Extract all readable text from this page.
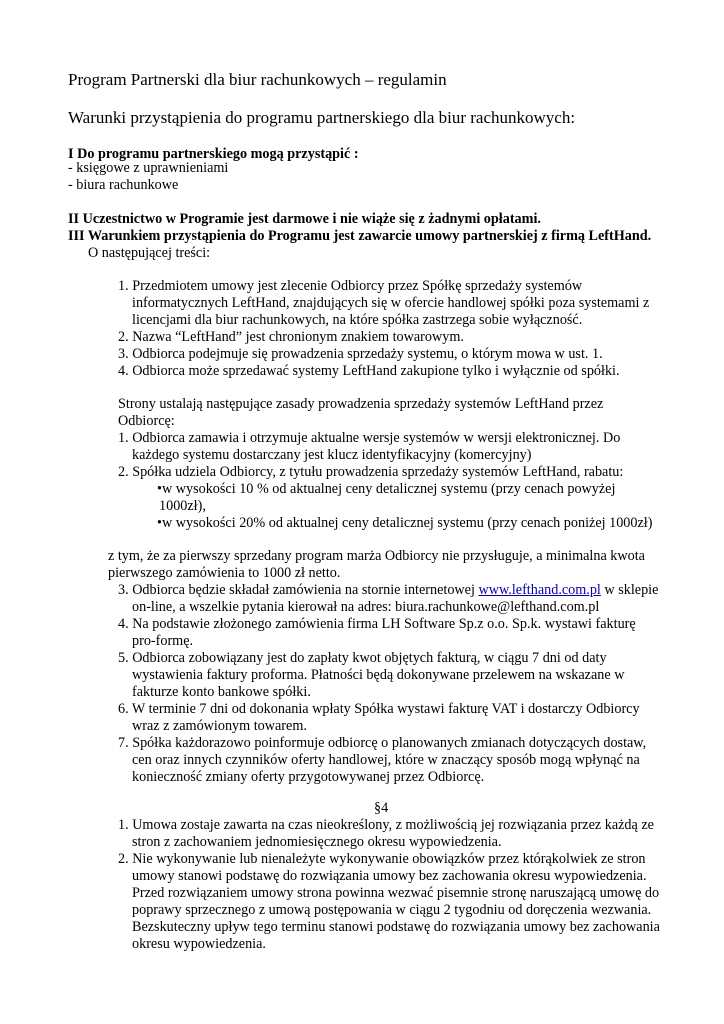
Program Partnerski dla biur rachunkowych – regulamin
Warunki przystąpienia do programu partnerskiego dla biur rachunkowych:
I Do programu partnerskiego mogą przystąpić :
- księgowe z uprawnieniami
- biura rachunkowe
II Uczestnictwo w Programie jest darmowe i nie wiąże się z żadnymi opłatami.
III Warunkiem przystąpienia do Programu jest zawarcie umowy partnerskiej z firmą LeftHand.
O następującej treści:
1. Przedmiotem umowy jest zlecenie Odbiorcy przez Spółkę sprzedaży systemów
informatycznych LeftHand, znajdujących się w ofercie handlowej spółki poza systemami z
licencjami dla biur rachunkowych, na które spółka zastrzega sobie wyłączność.
2. Nazwa “LeftHand” jest chronionym znakiem towarowym.
3. Odbiorca podejmuje się prowadzenia sprzedaży systemu, o którym mowa w ust. 1.
4. Odbiorca może sprzedawać systemy LeftHand zakupione tylko i wyłącznie od spółki.
Strony ustalają następujące zasady prowadzenia sprzedaży systemów LeftHand przez
Odbiorcę:
1. Odbiorca zamawia i otrzymuje aktualne wersje systemów w wersji elektronicznej. Do
każdego systemu dostarczany jest klucz identyfikacyjny (komercyjny)
2. Spółka udziela Odbiorcy, z tytułu prowadzenia sprzedaży systemów LeftHand, rabatu:
•w wysokości 10 % od aktualnej ceny detalicznej systemu (przy cenach powyżej
1000zł),
•w wysokości 20% od aktualnej ceny detalicznej systemu (przy cenach poniżej 1000zł)
z tym, że za pierwszy sprzedany program marża Odbiorcy nie przysługuje, a minimalna kwota
pierwszego zamówienia to 1000 zł netto.
3. Odbiorca będzie składał zamówienia na stornie internetowej www.lefthand.com.pl w sklepie
on-line, a wszelkie pytania kierował na adres: biura.rachunkowe@lefthand.com.pl
4. Na podstawie złożonego zamówienia firma LH Software Sp.z o.o. Sp.k. wystawi fakturę
pro-formę.
5. Odbiorca zobowiązany jest do zapłaty kwot objętych fakturą, w ciągu 7 dni od daty
wystawienia faktury proforma. Płatności będą dokonywane przelewem na wskazane w
fakturze konto bankowe spółki.
6. W terminie 7 dni od dokonania wpłaty Spółka wystawi fakturę VAT i dostarczy Odbiorcy
wraz z zamówionym towarem.
7. Spółka każdorazowo poinformuje odbiorcę o planowanych zmianach dotyczących dostaw,
cen oraz innych czynników oferty handlowej, które w znaczący sposób mogą wpłynąć na
konieczność zmiany oferty przygotowywanej przez Odbiorcę.
§4
1. Umowa zostaje zawarta na czas nieokreślony, z możliwością jej rozwiązania przez każdą ze
stron z zachowaniem jednomiesięcznego okresu wypowiedzenia.
2. Nie wykonywanie lub nienależyte wykonywanie obowiązków przez którąkolwiek ze stron
umowy stanowi podstawę do rozwiązania umowy bez zachowania okresu wypowiedzenia.
Przed rozwiązaniem umowy strona powinna wezwać pisemnie stronę naruszającą umowę do
poprawy sprzecznego z umową postępowania w ciągu 2 tygodniu od doręczenia wezwania.
Bezskuteczny upływ tego terminu stanowi podstawę do rozwiązania umowy bez zachowania
okresu wypowiedzenia.
